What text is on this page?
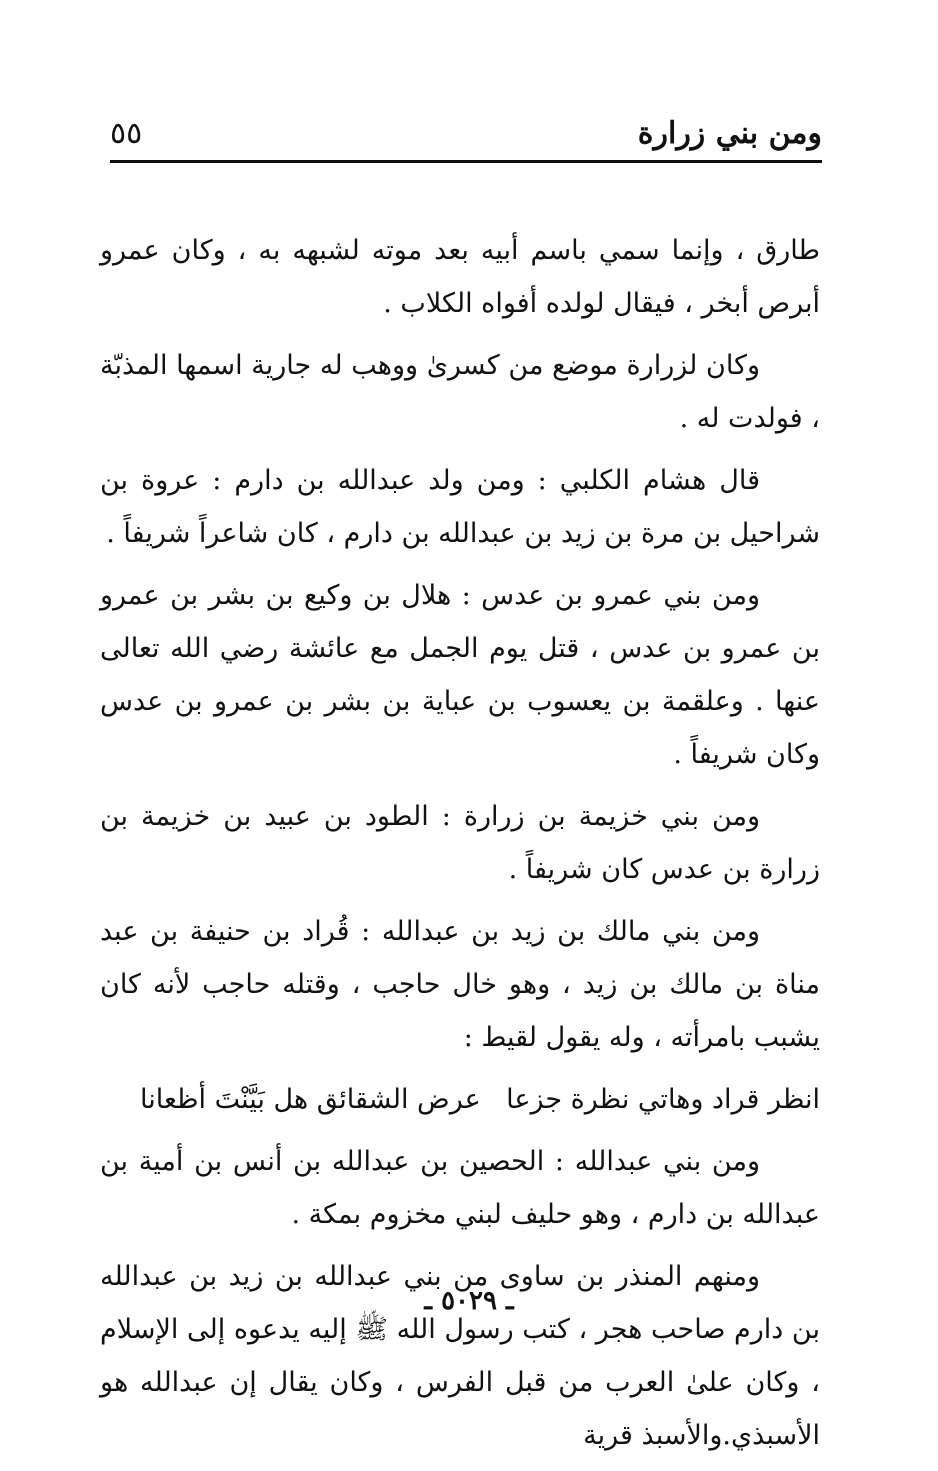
٥٥	ومن بني زرارة

طارق ، وإنما سمي باسم أبيه بعد موته لشبهه به ، وكان عمرو أبرص أبخر ، فيقال لولده أفواه الكلاب .

وكان لزرارة موضع من كسرىٰ ووهب له جارية اسمها المذبّة ، فولدت له .

قال هشام الكلبي : ومن ولد عبدالله بن دارم : عروة بن شراحيل بن مرة بن زيد بن عبدالله بن دارم ، كان شاعراً شريفاً .

ومن بني عمرو بن عدس : هلال بن وكيع بن بشر بن عمرو بن عمرو بن عدس ، قتل يوم الجمل مع عائشة رضي الله تعالى عنها . وعلقمة بن يعسوب بن عباية بن بشر بن عمرو بن عدس وكان شريفاً .

ومن بني خزيمة بن زرارة : الطود بن عبيد بن خزيمة بن زرارة بن عدس كان شريفاً .

ومن بني مالك بن زيد بن عبدالله : قُراد بن حنيفة بن عبد مناة بن مالك بن زيد ، وهو خال حاجب ، وقتله حاجب لأنه كان يشبب بامرأته ، وله يقول لقيط :

انظر قراد وهاتي نظرة جزعا
عرض الشقائق هل بَيَّنْتَ أظعانا

ومن بني عبدالله : الحصين بن عبدالله بن أنس بن أمية بن عبدالله بن دارم ، وهو حليف لبني مخزوم بمكة .

ومنهم المنذر بن ساوى من بني عبدالله بن زيد بن عبدالله بن دارم صاحب هجر ، كتب رسول الله ﷺ إليه يدعوه إلى الإسلام ، وكان علىٰ العرب من قبل الفرس ، وكان يقال إن عبدالله هو الأسبذي.والأسبذ قرية

ـ ٥٠٢٩ ـ
